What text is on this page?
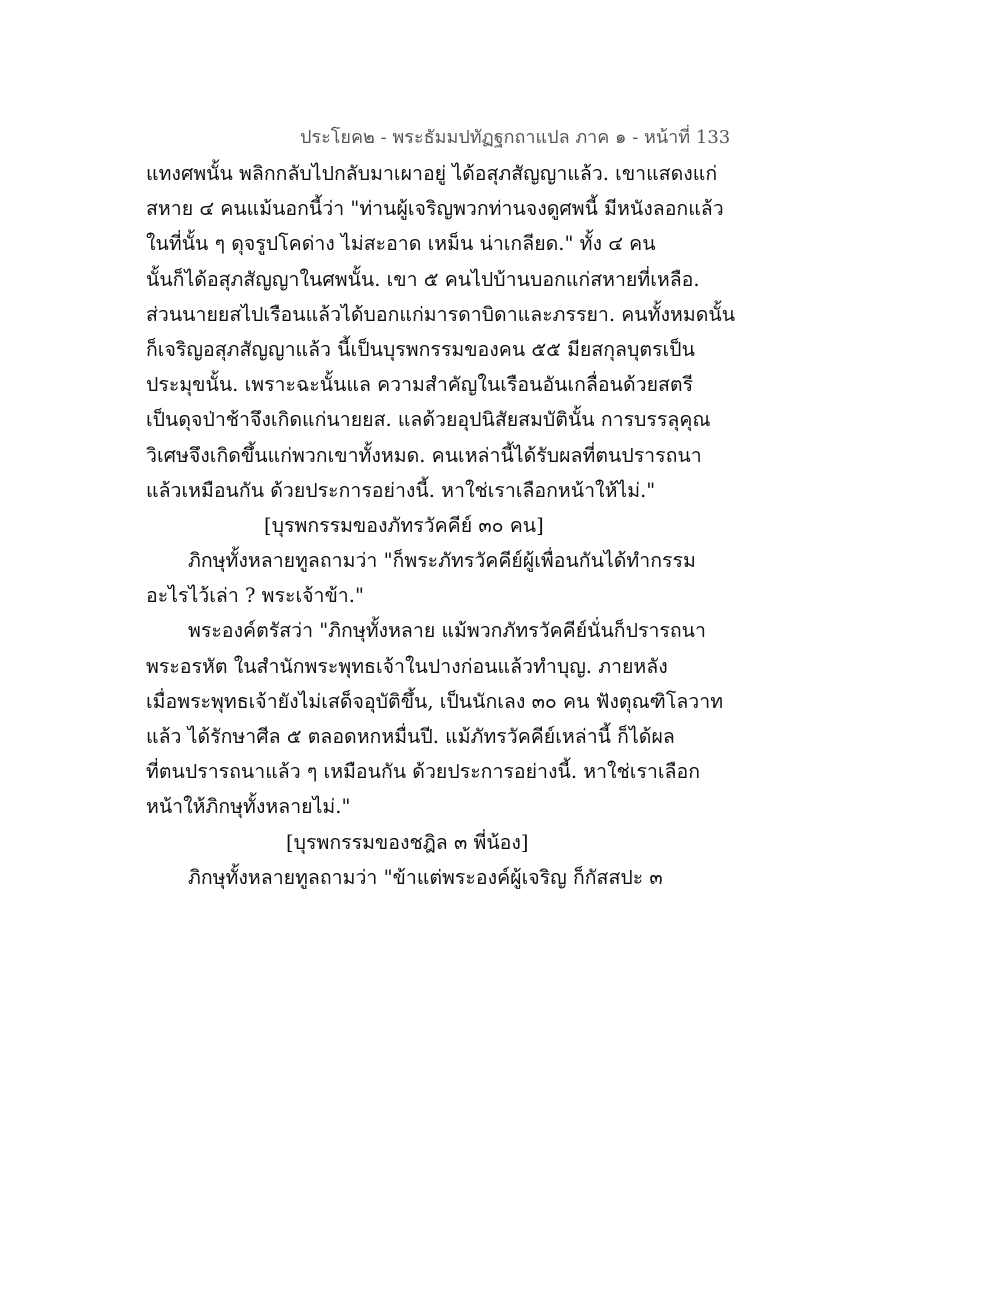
ประโยค๒ - พระธัมมปทัฏฐกถาแปล ภาค ๑ - หน้าที่ 133
แทงศพนั้น พลิกกลับไปกลับมาเผาอยู่ ได้อสุภสัญญาแล้ว. เขาแสดงแก่
สหาย ๔ คนแม้นอกนี้ว่า "ท่านผู้เจริญพวกท่านจงดูศพนี้ มีหนังลอกแล้ว
ในที่นั้น ๆ ดุจรูปโคด่าง ไม่สะอาด เหม็น น่าเกลียด." ทั้ง ๔ คน
นั้นก็ได้อสุภสัญญาในศพนั้น. เขา ๕ คนไปบ้านบอกแก่สหายที่เหลือ.
ส่วนนายยสไปเรือนแล้วได้บอกแก่มารดาบิดาและภรรยา. คนทั้งหมดนั้น
ก็เจริญอสุภสัญญาแล้ว นี้เป็นบุรพกรรมของคน ๕๕ มียสกุลบุตรเป็น
ประมุขนั้น. เพราะฉะนั้นแล ความสำคัญในเรือนอันเกลื่อนด้วยสตรี
เป็นดุจป่าช้าจึงเกิดแก่นายยส. แลด้วยอุปนิสัยสมบัตินั้น การบรรลุคุณ
วิเศษจึงเกิดขึ้นแก่พวกเขาทั้งหมด. คนเหล่านี้ได้รับผลที่ตนปรารถนา
แล้วเหมือนกัน ด้วยประการอย่างนี้. หาใช่เราเลือกหน้าให้ไม่."
[บุรพกรรมของภัทรวัคคีย์ ๓๐ คน]
ภิกษุทั้งหลายทูลถามว่า "ก็พระภัทรวัคคีย์ผู้เพื่อนกันได้ทำกรรม
อะไรไว้เล่า ? พระเจ้าข้า."
พระองค์ตรัสว่า "ภิกษุทั้งหลาย แม้พวกภัทรวัคคีย์นั่นก็ปรารถนา
พระอรหัต ในสำนักพระพุทธเจ้าในปางก่อนแล้วทำบุญ. ภายหลัง
เมื่อพระพุทธเจ้ายังไม่เสด็จอุบัติขึ้น, เป็นนักเลง ๓๐ คน ฟังตุณฑิโลวาท
แล้ว ได้รักษาศีล ๕ ตลอดหกหมื่นปี. แม้ภัทรวัคคีย์เหล่านี้ ก็ได้ผล
ที่ตนปรารถนาแล้ว ๆ เหมือนกัน ด้วยประการอย่างนี้. หาใช่เราเลือก
หน้าให้ภิกษุทั้งหลายไม่."
[บุรพกรรมของชฎิล ๓ พี่น้อง]
ภิกษุทั้งหลายทูลถามว่า "ข้าแต่พระองค์ผู้เจริญ ก็กัสสปะ ๓
